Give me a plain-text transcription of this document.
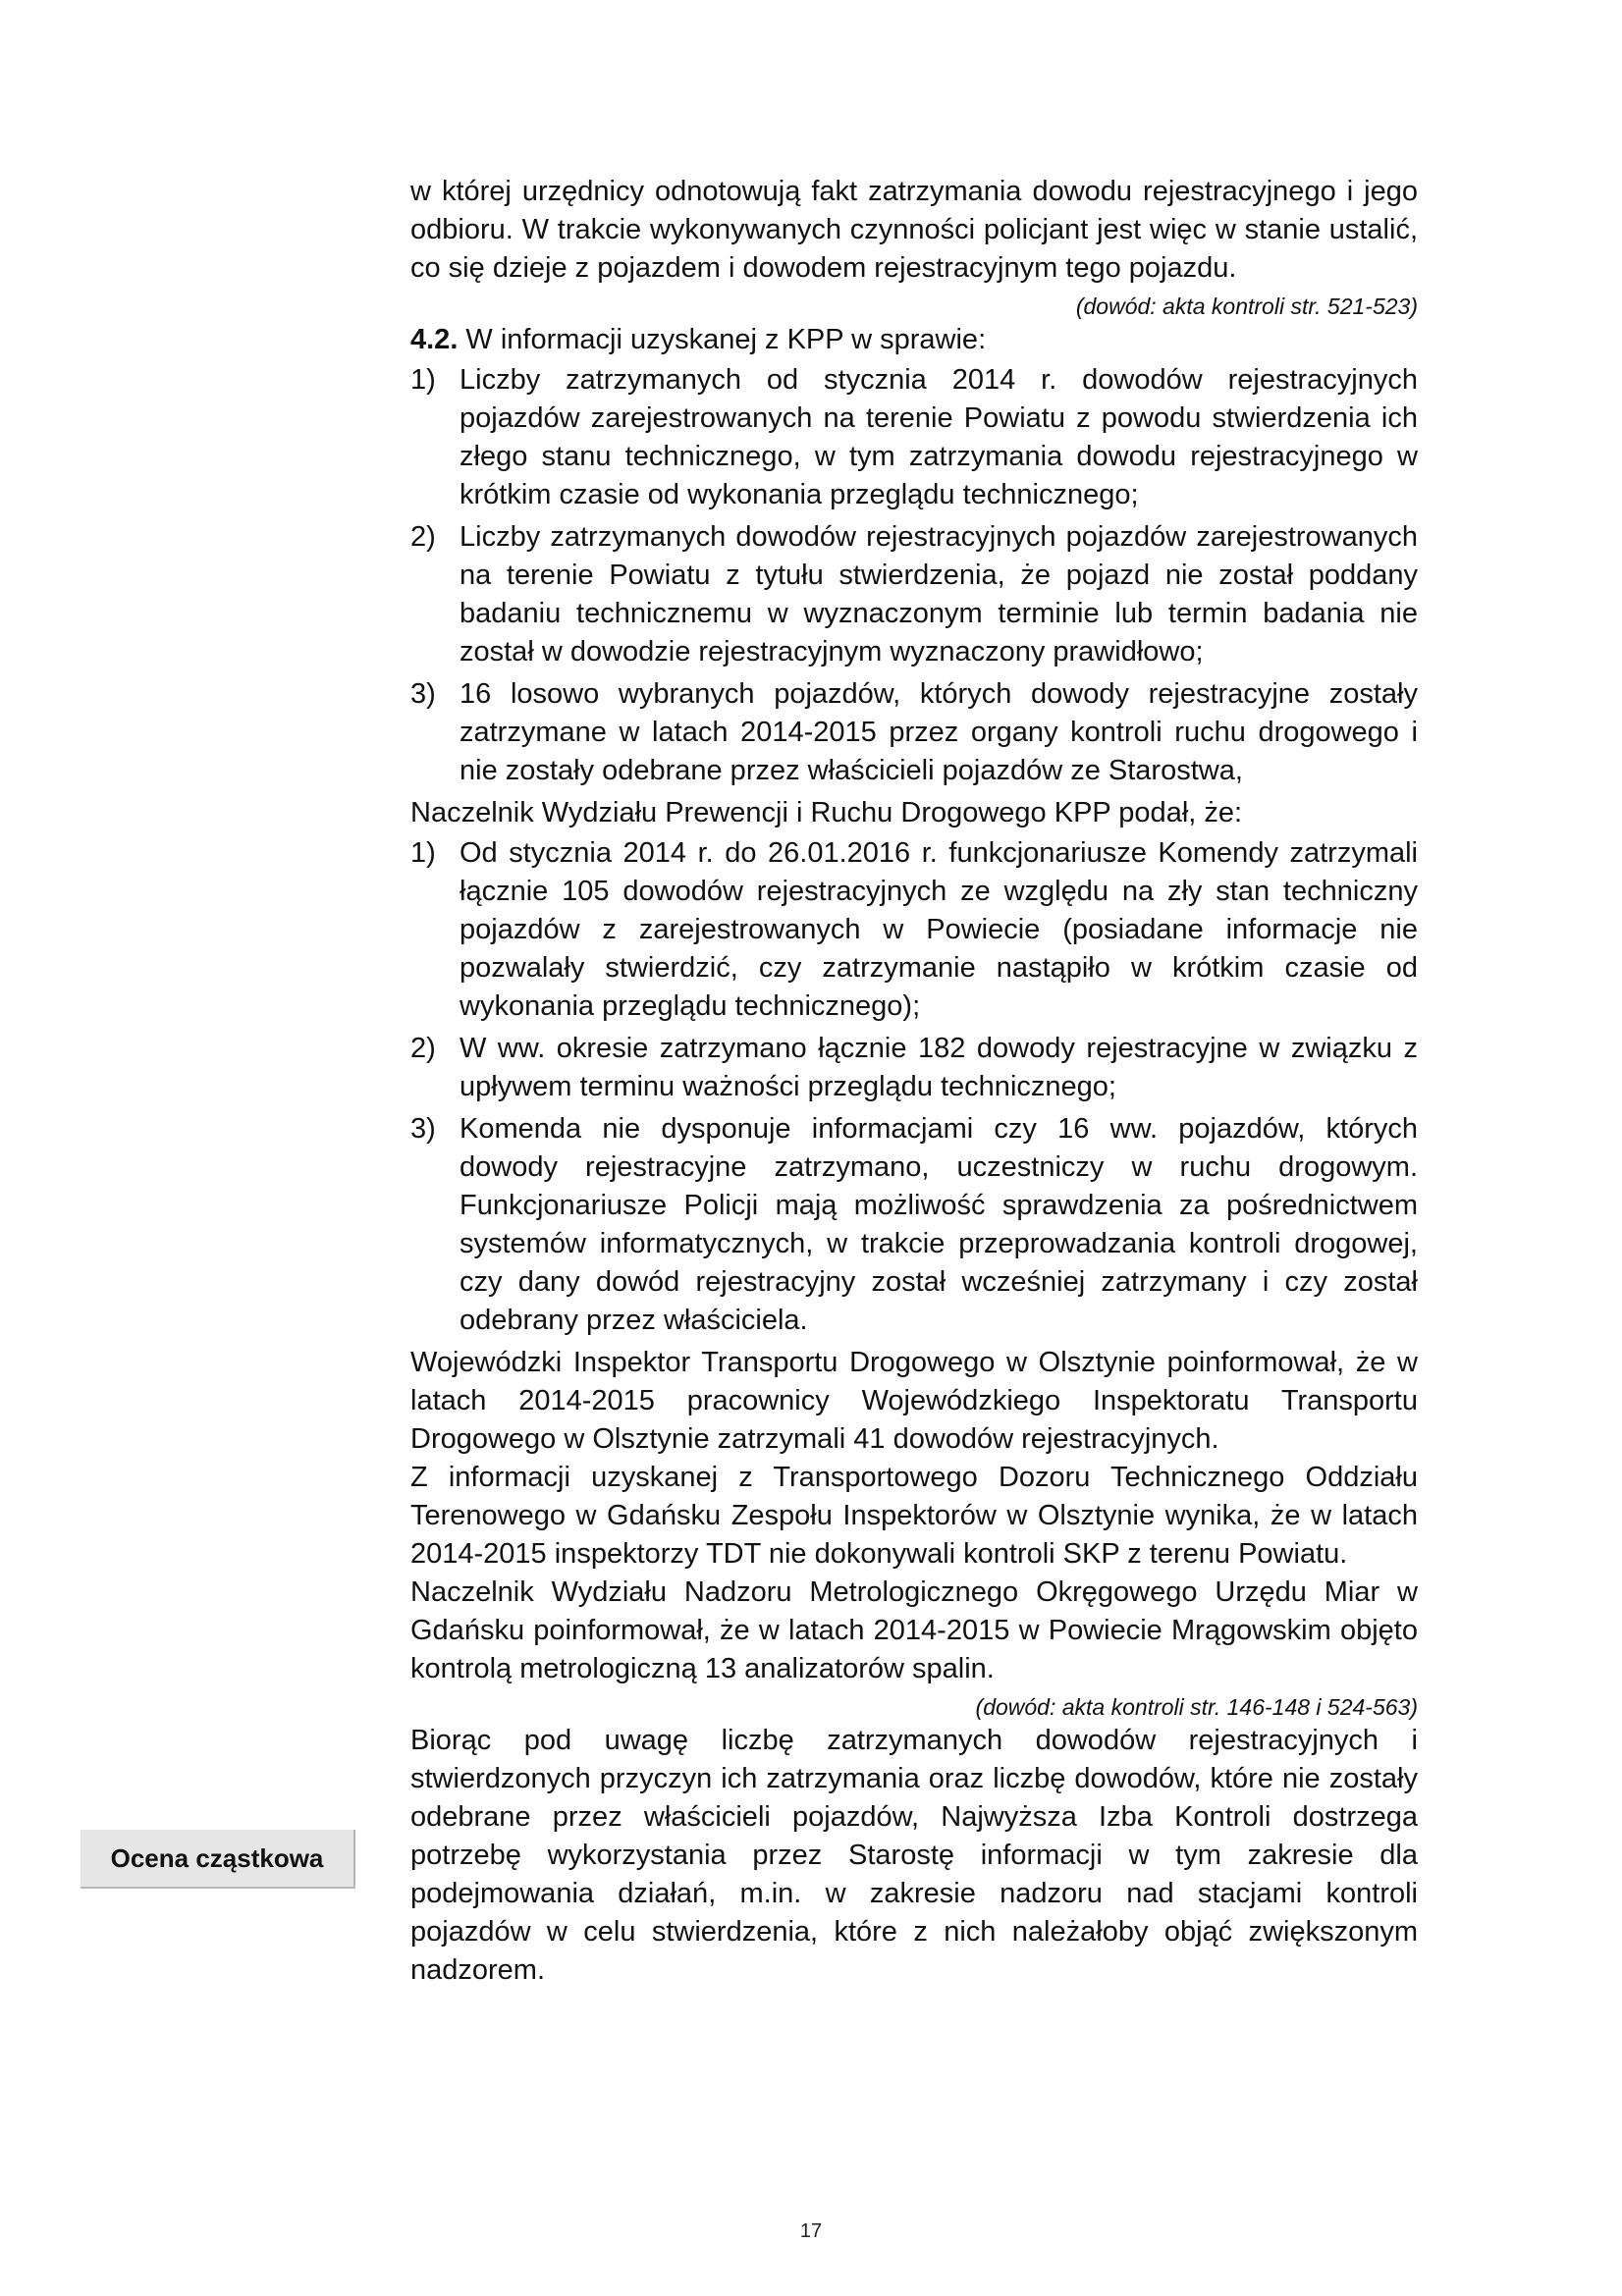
w której urzędnicy odnotowują fakt zatrzymania dowodu rejestracyjnego i jego odbioru. W trakcie wykonywanych czynności policjant jest więc w stanie ustalić, co się dzieje z pojazdem i dowodem rejestracyjnym tego pojazdu.

(dowód: akta kontroli str. 521-523)

4.2. W informacji uzyskanej z KPP w sprawie:

1) Liczby zatrzymanych od stycznia 2014 r. dowodów rejestracyjnych pojazdów zarejestrowanych na terenie Powiatu z powodu stwierdzenia ich złego stanu technicznego, w tym zatrzymania dowodu rejestracyjnego w krótkim czasie od wykonania przeglądu technicznego;
2) Liczby zatrzymanych dowodów rejestracyjnych pojazdów zarejestrowanych na terenie Powiatu z tytułu stwierdzenia, że pojazd nie został poddany badaniu technicznemu w wyznaczonym terminie lub termin badania nie został w dowodzie rejestracyjnym wyznaczony prawidłowo;
3) 16 losowo wybranych pojazdów, których dowody rejestracyjne zostały zatrzymane w latach 2014-2015 przez organy kontroli ruchu drogowego i nie zostały odebrane przez właścicieli pojazdów ze Starostwa,

Naczelnik Wydziału Prewencji i Ruchu Drogowego KPP podał, że:

1) Od stycznia 2014 r. do 26.01.2016 r. funkcjonariusze Komendy zatrzymali łącznie 105 dowodów rejestracyjnych ze względu na zły stan techniczny pojazdów z zarejestrowanych w Powiecie (posiadane informacje nie pozwalały stwierdzić, czy zatrzymanie nastąpiło w krótkim czasie od wykonania przeglądu technicznego);
2) W ww. okresie zatrzymano łącznie 182 dowody rejestracyjne w związku z upływem terminu ważności przeglądu technicznego;
3) Komenda nie dysponuje informacjami czy 16 ww. pojazdów, których dowody rejestracyjne zatrzymano, uczestniczy w ruchu drogowym. Funkcjonariusze Policji mają możliwość sprawdzenia za pośrednictwem systemów informatycznych, w trakcie przeprowadzania kontroli drogowej, czy dany dowód rejestracyjny został wcześniej zatrzymany i czy został odebrany przez właściciela.

Wojewódzki Inspektor Transportu Drogowego w Olsztynie poinformował, że w latach 2014-2015 pracownicy Wojewódzkiego Inspektoratu Transportu Drogowego w Olsztynie zatrzymali 41 dowodów rejestracyjnych.

Z informacji uzyskanej z Transportowego Dozoru Technicznego Oddziału Terenowego w Gdańsku Zespołu Inspektorów w Olsztynie wynika, że w latach 2014-2015 inspektorzy TDT nie dokonywali kontroli SKP z terenu Powiatu.

Naczelnik Wydziału Nadzoru Metrologicznego Okręgowego Urzędu Miar w Gdańsku poinformował, że w latach 2014-2015 w Powiecie Mrągowskim objęto kontrolą metrologiczną 13 analizatorów spalin.

(dowód: akta kontroli str. 146-148 i 524-563)

Biorąc pod uwagę liczbę zatrzymanych dowodów rejestracyjnych i stwierdzonych przyczyn ich zatrzymania oraz liczbę dowodów, które nie zostały odebrane przez właścicieli pojazdów, Najwyższa Izba Kontroli dostrzega potrzebę wykorzystania przez Starostę informacji w tym zakresie dla podejmowania działań, m.in. w zakresie nadzoru nad stacjami kontroli pojazdów w celu stwierdzenia, które z nich należałoby objąć zwiększonym nadzorem.

Ocena cząstkowa
17
